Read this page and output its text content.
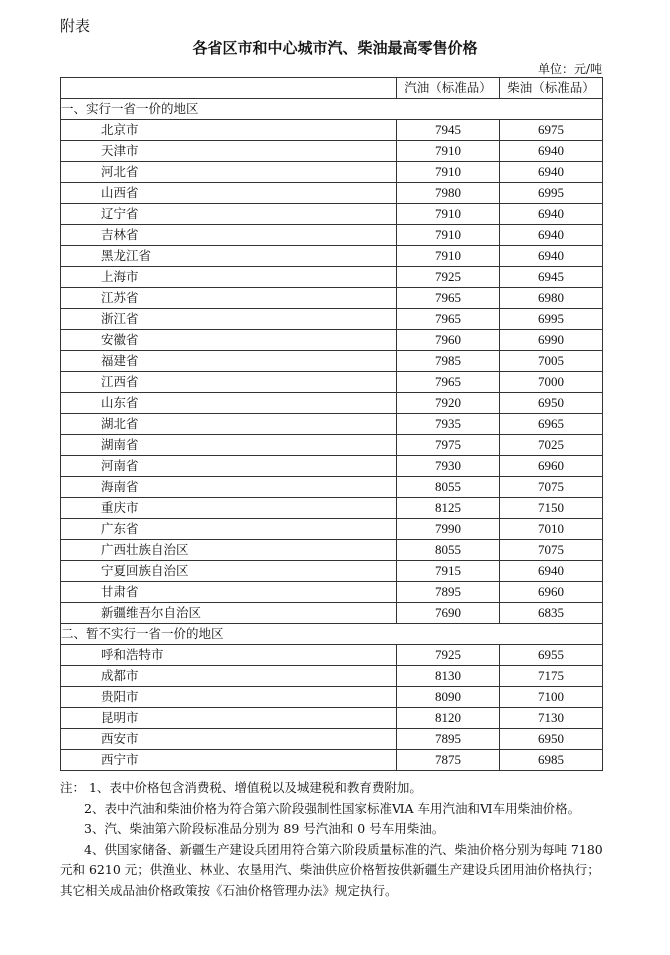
附表
各省区市和中心城市汽、柴油最高零售价格
单位：元/吨
	汽油（标准品）	柴油（标准品）
一、实行一省一价的地区		
北京市	7945	6975
天津市	7910	6940
河北省	7910	6940
山西省	7980	6995
辽宁省	7910	6940
吉林省	7910	6940
黑龙江省	7910	6940
上海市	7925	6945
江苏省	7965	6980
浙江省	7965	6995
安徽省	7960	6990
福建省	7985	7005
江西省	7965	7000
山东省	7920	6950
湖北省	7935	6965
湖南省	7975	7025
河南省	7930	6960
海南省	8055	7075
重庆市	8125	7150
广东省	7990	7010
广西壮族自治区	8055	7075
宁夏回族自治区	7915	6940
甘肃省	7895	6960
新疆维吾尔自治区	7690	6835
二、暂不实行一省一价的地区		
呼和浩特市	7925	6955
成都市	8130	7175
贵阳市	8090	7100
昆明市	8120	7130
西安市	7895	6950
西宁市	7875	6985

注： 1、表中价格包含消费税、增值税以及城建税和教育费附加。

2、表中汽油和柴油价格为符合第六阶段强制性国家标准ⅥA 车用汽油和Ⅵ车用柴油价格。

3、汽、柴油第六阶段标准品分别为 89 号汽油和 0 号车用柴油。

4、供国家储备、新疆生产建设兵团用符合第六阶段质量标准的汽、柴油价格分别为每吨 7180 元和 6210 元；供渔业、林业、农垦用汽、柴油供应价格暂按供新疆生产建设兵团用油价格执行；其它相关成品油价格政策按《石油价格管理办法》规定执行。
